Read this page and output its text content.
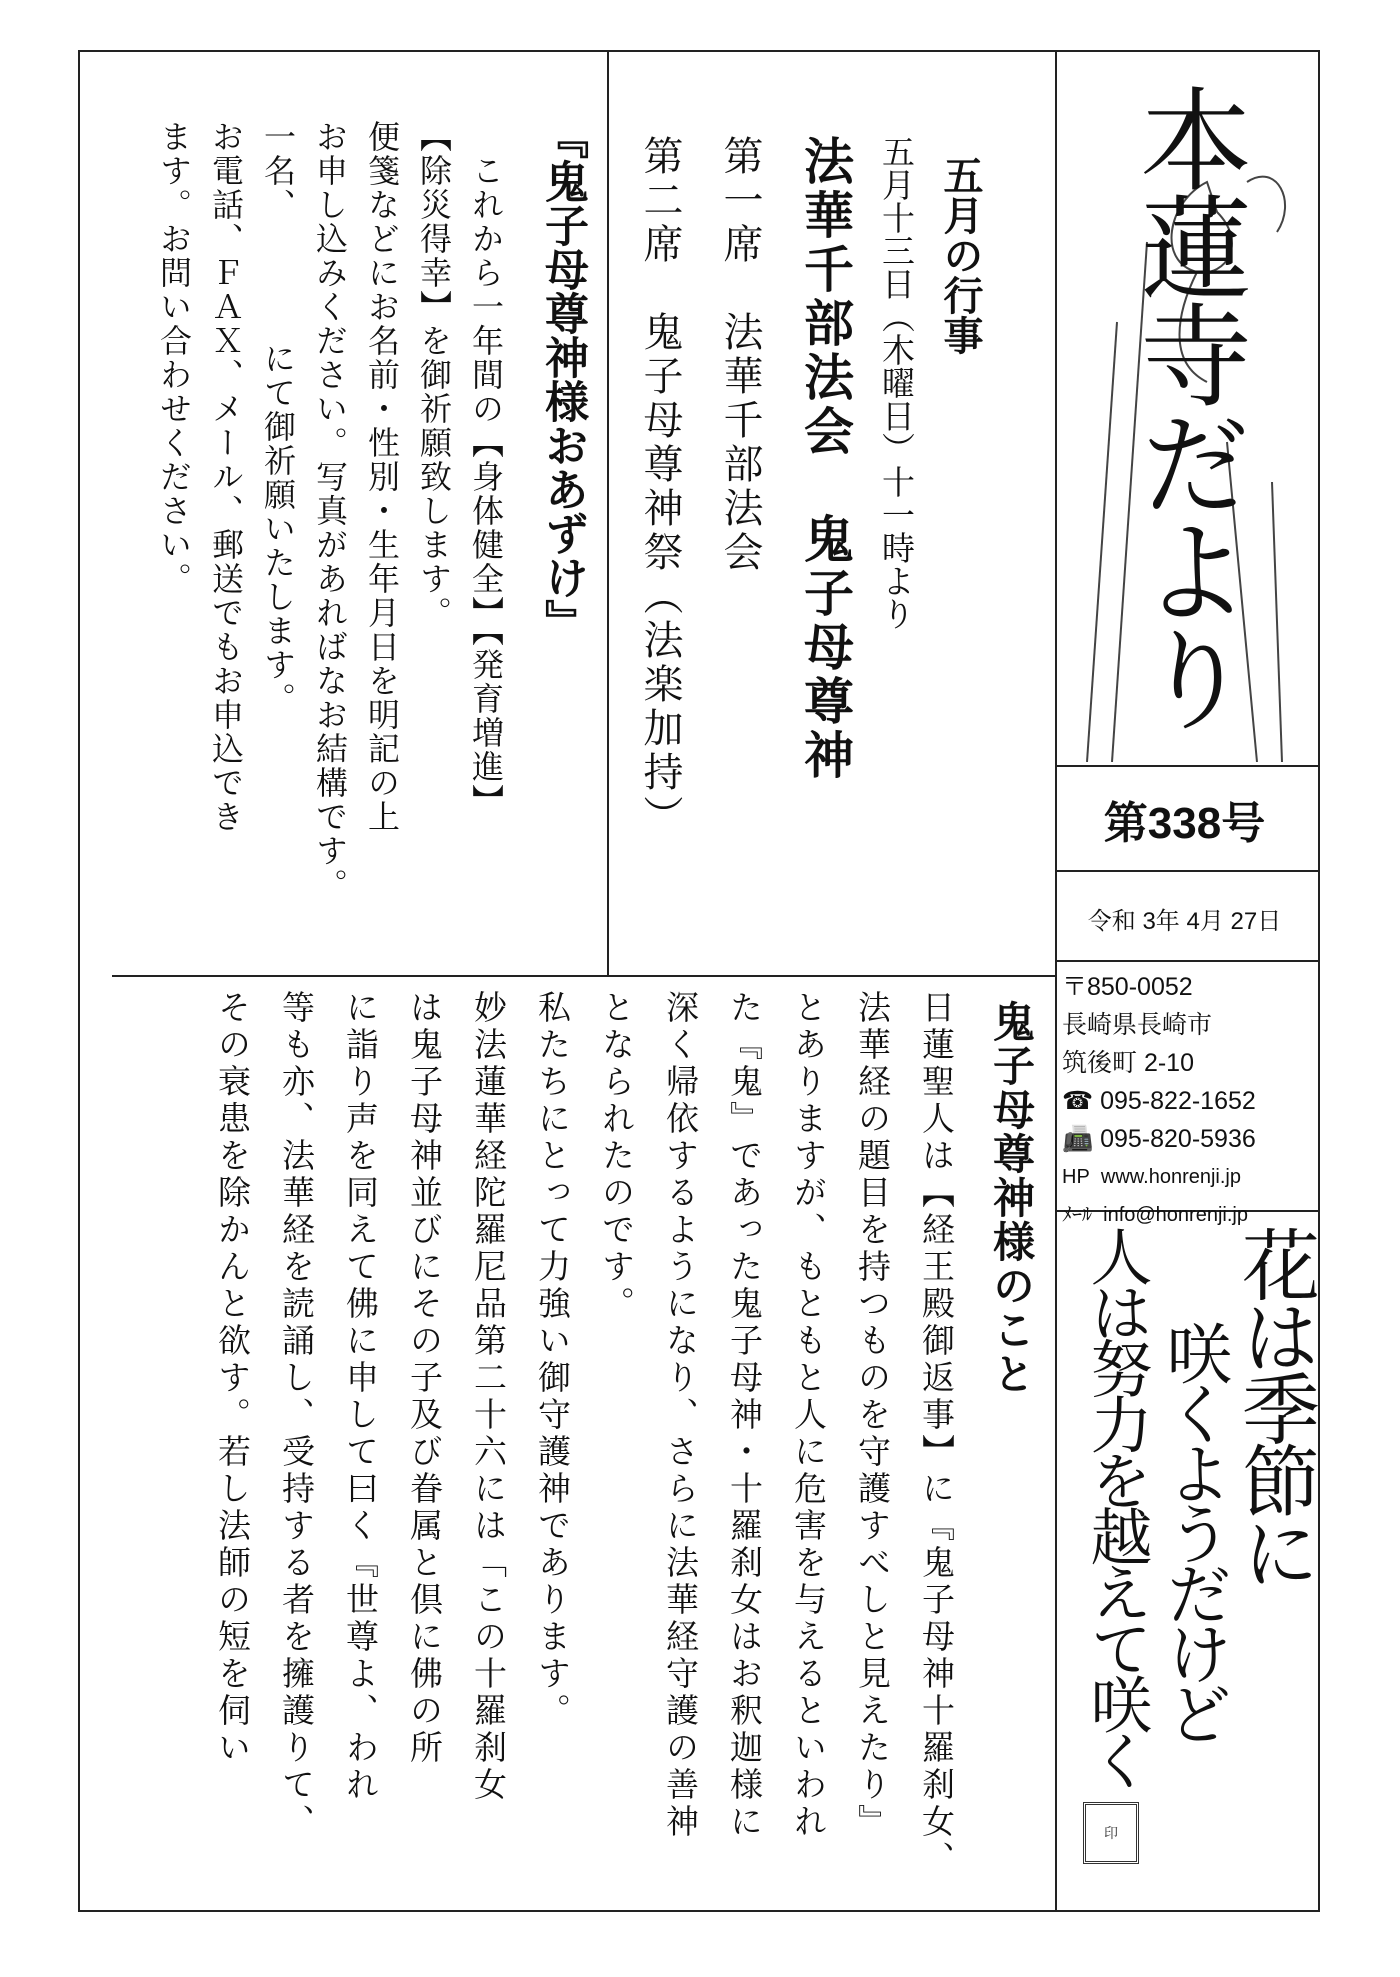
本蓮寺だより
第338号
令和 3年 4月 27日
〒850-0052
長崎県長崎市
筑後町 2-10
☎ 095-822-1652
📠 095-820-5936
HP www.honrenji.jp
ﾒｰﾙ info@honrenji.jp
花は季節に
咲くようだけど
人は努力を越えて咲く
印
五月の行事
五月十三日（木曜日）十一時より
法華千部法会　鬼子母尊神
第一席　法華千部法会
第二席　鬼子母尊神祭（法楽加持）
『鬼子母尊神様おあずけ』
　これから一年間の【身体健全】【発育増進】
【除災得幸】を御祈願致します。
便箋などにお名前・性別・生年月日を明記の上
お申し込みください。写真があればなお結構です。
一名、　　　　にて御祈願いたします。
お電話、ＦＡＸ、メール、郵送でもお申込でき
ます。お問い合わせください。
鬼子母尊神様のこと
日蓮聖人は【経王殿御返事】に『鬼子母神十羅刹女、
法華経の題目を持つものを守護すべしと見えたり』
とありますが、もともと人に危害を与えるといわれ
た『鬼』であった鬼子母神・十羅刹女はお釈迦様に
深く帰依するようになり、さらに法華経守護の善神
となられたのです。
私たちにとって力強い御守護神であります。
妙法蓮華経陀羅尼品第二十六には「この十羅刹女
は鬼子母神並びにその子及び眷属と倶に佛の所
に詣り声を同えて佛に申して曰く『世尊よ、われ
等も亦、法華経を読誦し、受持する者を擁護りて、
その衰患を除かんと欲す。若し法師の短を伺い
